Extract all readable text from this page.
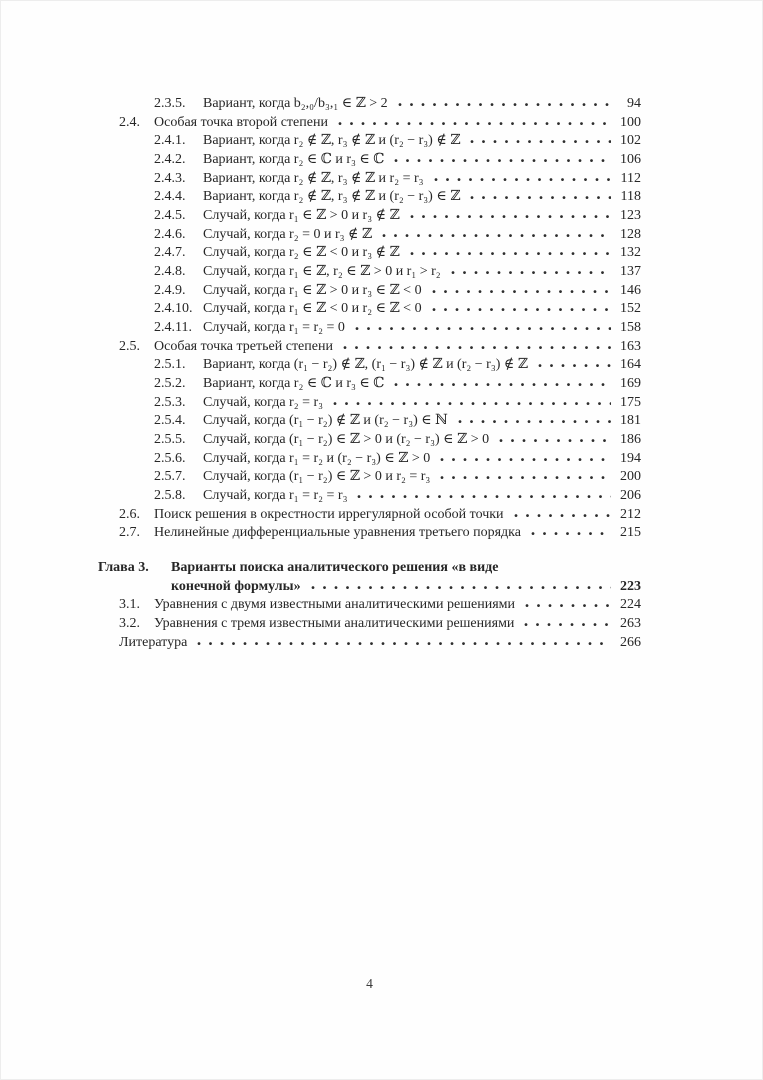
2.3.5.	Вариант, когда b₂,₀/b₃,₁ ∈ ℤ > 2	94
2.4.	Особая точка второй степени	100
2.4.1.	Вариант, когда r₂ ∉ ℤ, r₃ ∉ ℤ и (r₂ − r₃) ∉ ℤ	102
2.4.2.	Вариант, когда r₂ ∈ ℂ и r₃ ∈ ℂ	106
2.4.3.	Вариант, когда r₂ ∉ ℤ, r₃ ∉ ℤ и r₂ = r₃	112
2.4.4.	Вариант, когда r₂ ∉ ℤ, r₃ ∉ ℤ и (r₂ − r₃) ∈ ℤ	118
2.4.5.	Случай, когда r₁ ∈ ℤ > 0 и r₃ ∉ ℤ	123
2.4.6.	Случай, когда r₂ = 0 и r₃ ∉ ℤ	128
2.4.7.	Случай, когда r₂ ∈ ℤ < 0 и r₃ ∉ ℤ	132
2.4.8.	Случай, когда r₁ ∈ ℤ, r₂ ∈ ℤ > 0 и r₁ > r₂	137
2.4.9.	Случай, когда r₁ ∈ ℤ > 0 и r₃ ∈ ℤ < 0	146
2.4.10. Случай, когда r₁ ∈ ℤ < 0 и r₂ ∈ ℤ < 0	152
2.4.11. Случай, когда r₁ = r₂ = 0	158
2.5.	Особая точка третьей степени	163
2.5.1.	Вариант, когда (r₁ − r₂) ∉ ℤ, (r₁ − r₃) ∉ ℤ и (r₂ − r₃) ∉ ℤ	164
2.5.2.	Вариант, когда r₂ ∈ ℂ и r₃ ∈ ℂ	169
2.5.3.	Случай, когда r₂ = r₃	175
2.5.4.	Случай, когда (r₁ − r₂) ∉ ℤ и (r₂ − r₃) ∈ ℕ	181
2.5.5.	Случай, когда (r₁ − r₂) ∈ ℤ > 0 и (r₂ − r₃) ∈ ℤ > 0	186
2.5.6.	Случай, когда r₁ = r₂ и (r₂ − r₃) ∈ ℤ > 0	194
2.5.7.	Случай, когда (r₁ − r₂) ∈ ℤ > 0 и r₂ = r₃	200
2.5.8.	Случай, когда r₁ = r₂ = r₃	206
2.6.	Поиск решения в окрестности иррегулярной особой точки	212
2.7.	Нелинейные дифференциальные уравнения третьего порядка	215
Глава 3.	Варианты поиска аналитического решения «в виде
конечной формулы»	223
3.1.	Уравнения с двумя известными аналитическими решениями	224
3.2.	Уравнения с тремя известными аналитическими решениями	263
Литература	266
4
